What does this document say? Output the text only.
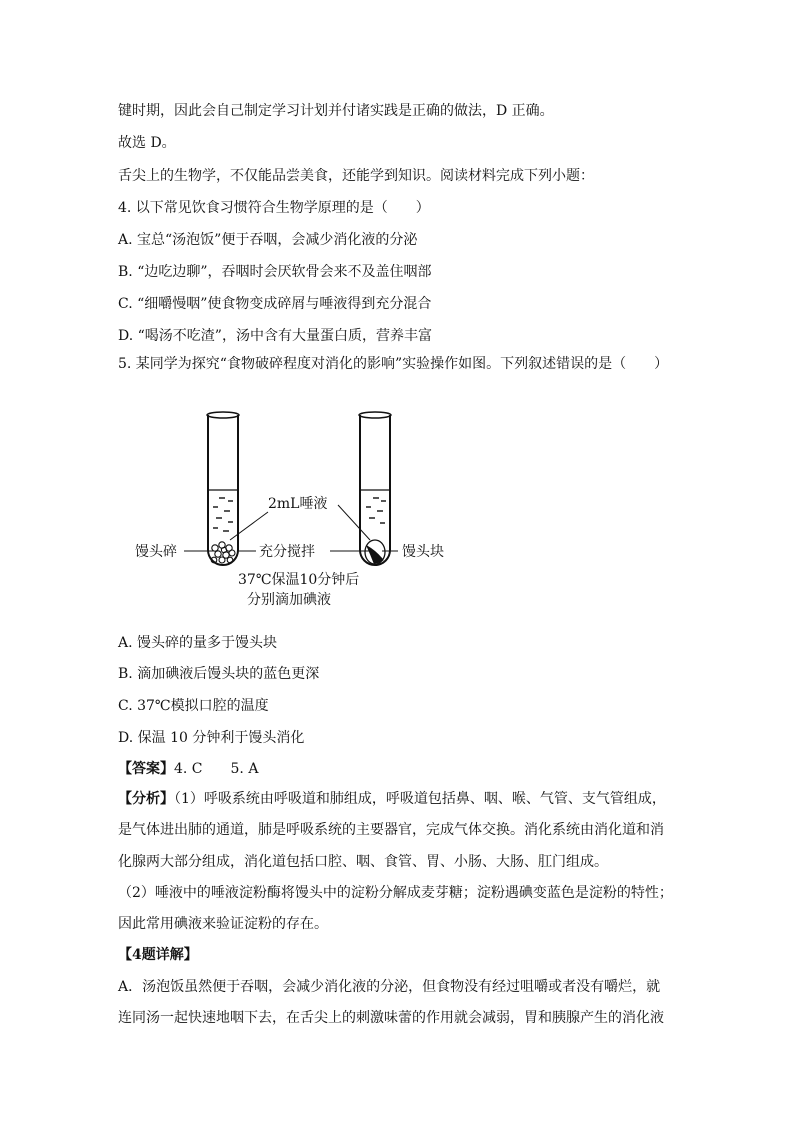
键时期，因此会自己制定学习计划并付诸实践是正确的做法，D 正确。
故选 D。
舌尖上的生物学，不仅能品尝美食，还能学到知识。阅读材料完成下列小题：
4. 以下常见饮食习惯符合生物学原理的是（　　）
A. 宝总“汤泡饭”便于吞咽，会减少消化液的分泌
B. “边吃边聊”，吞咽时会厌软骨会来不及盖住咽部
C. “细嚼慢咽”使食物变成碎屑与唾液得到充分混合
D. “喝汤不吃渣”，汤中含有大量蛋白质，营养丰富
5. 某同学为探究“食物破碎程度对消化的影响”实验操作如图。下列叙述错误的是（　　）
馒头碎
2mL唾液
充分搅拌	馒头块
37℃保温10分钟后
分别滴加碘液
A. 馒头碎的量多于馒头块
B. 滴加碘液后馒头块的蓝色更深
C. 37℃模拟口腔的温度
D. 保温 10 分钟利于馒头消化
【答案】4. C　　5. A
【分析】（1）呼吸系统由呼吸道和肺组成，呼吸道包括鼻、咽、喉、气管、支气管组成，
是气体进出肺的通道，肺是呼吸系统的主要器官，完成气体交换。消化系统由消化道和消
化腺两大部分组成，消化道包括口腔、咽、食管、胃、小肠、大肠、肛门组成。
（2）唾液中的唾液淀粉酶将馒头中的淀粉分解成麦芽糖；淀粉遇碘变蓝色是淀粉的特性；
因此常用碘液来验证淀粉的存在。
【4题详解】
A．汤泡饭虽然便于吞咽，会减少消化液的分泌，但食物没有经过咀嚼或者没有嚼烂，就
连同汤一起快速地咽下去，在舌尖上的刺激味蕾的作用就会减弱，胃和胰腺产生的消化液
